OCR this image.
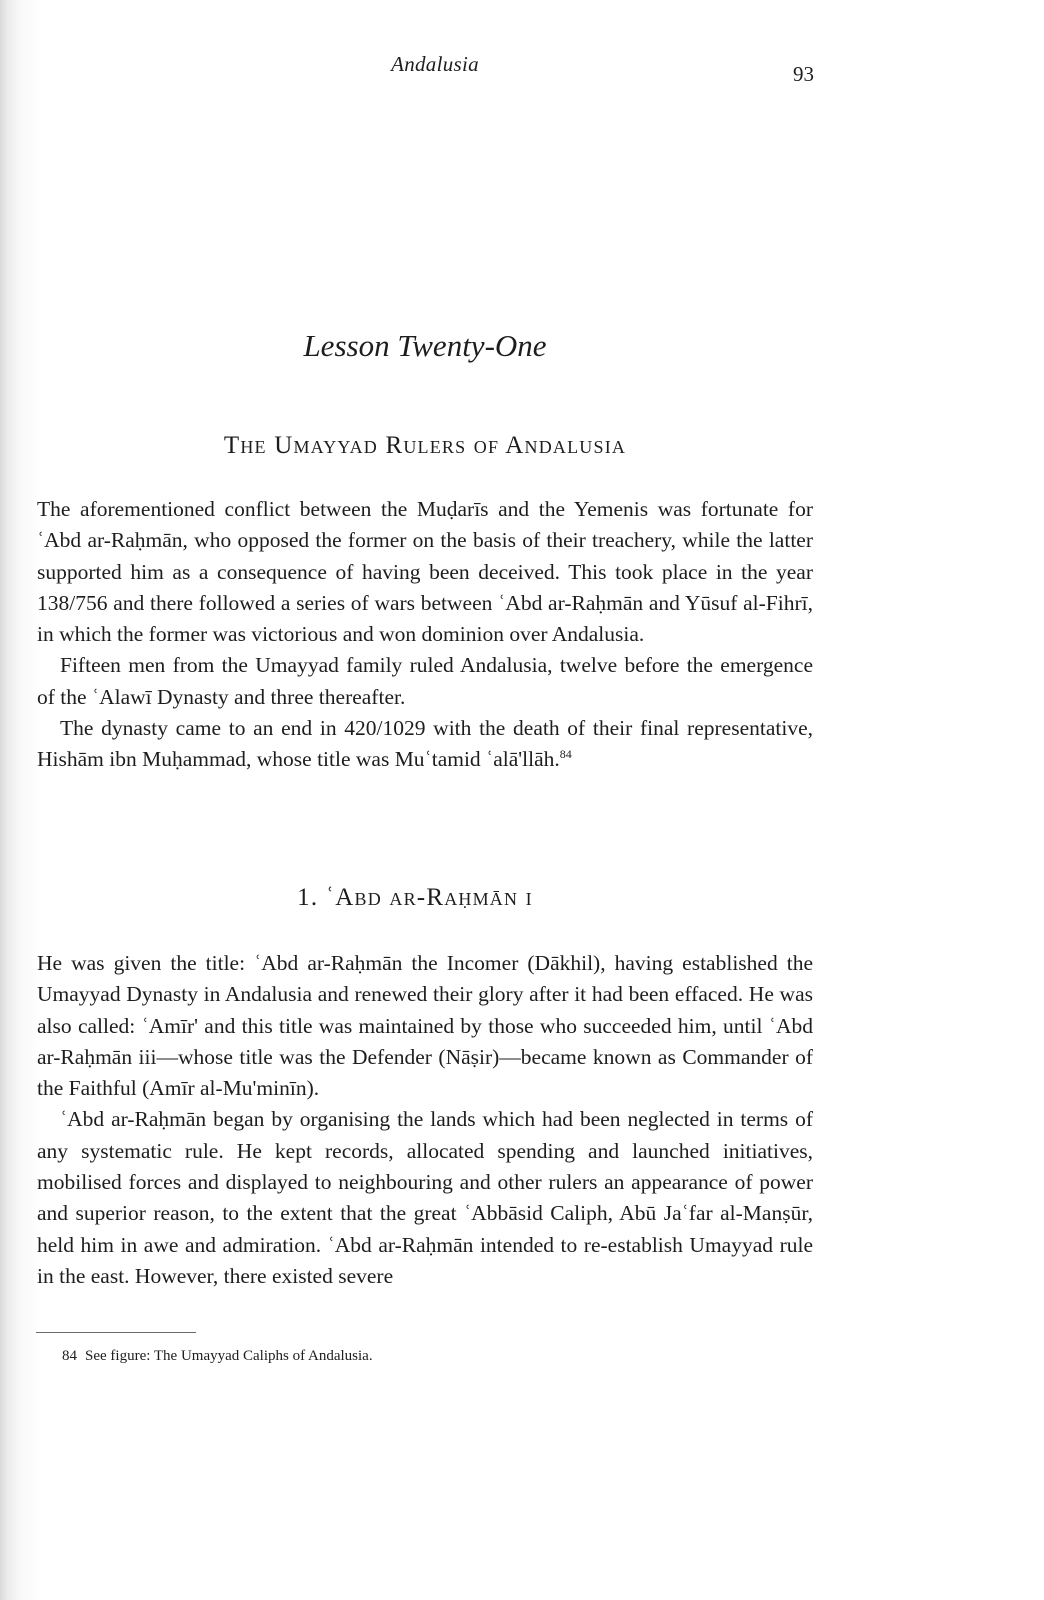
Andalusia	93
Lesson Twenty-One
The Umayyad Rulers of Andalusia

The aforementioned conflict between the Muḍarīs and the Yemenis was fortunate for ʿAbd ar-Raḥmān, who opposed the former on the basis of their treachery, while the latter supported him as a consequence of having been deceived. This took place in the year 138/756 and there followed a series of wars between ʿAbd ar-Raḥmān and Yūsuf al-Fihrī, in which the former was victorious and won dominion over Andalusia.

Fifteen men from the Umayyad family ruled Andalusia, twelve before the emergence of the ʿAlawī Dynasty and three thereafter.

The dynasty came to an end in 420/1029 with the death of their final representative, Hishām ibn Muḥammad, whose title was Muʿtamid ʿalā'llāh.$^{84}$

1. ʿAbd ar-Raḥmān i

He was given the title: ʿAbd ar-Raḥmān the Incomer (Dākhil), having established the Umayyad Dynasty in Andalusia and renewed their glory after it had been effaced. He was also called: ʿAmīr' and this title was maintained by those who succeeded him, until ʿAbd ar-Raḥmān iii—whose title was the Defender (Nāṣir)—became known as Commander of the Faithful (Amīr al-Mu'minīn).

ʿAbd ar-Raḥmān began by organising the lands which had been neglected in terms of any systematic rule. He kept records, allocated spending and launched initiatives, mobilised forces and displayed to neighbouring and other rulers an appearance of power and superior reason, to the extent that the great ʿAbbāsid Caliph, Abū Jaʿfar al-Manṣūr, held him in awe and admiration. ʿAbd ar-Raḥmān intended to re-establish Umayyad rule in the east. However, there existed severe

84 See figure: The Umayyad Caliphs of Andalusia.
